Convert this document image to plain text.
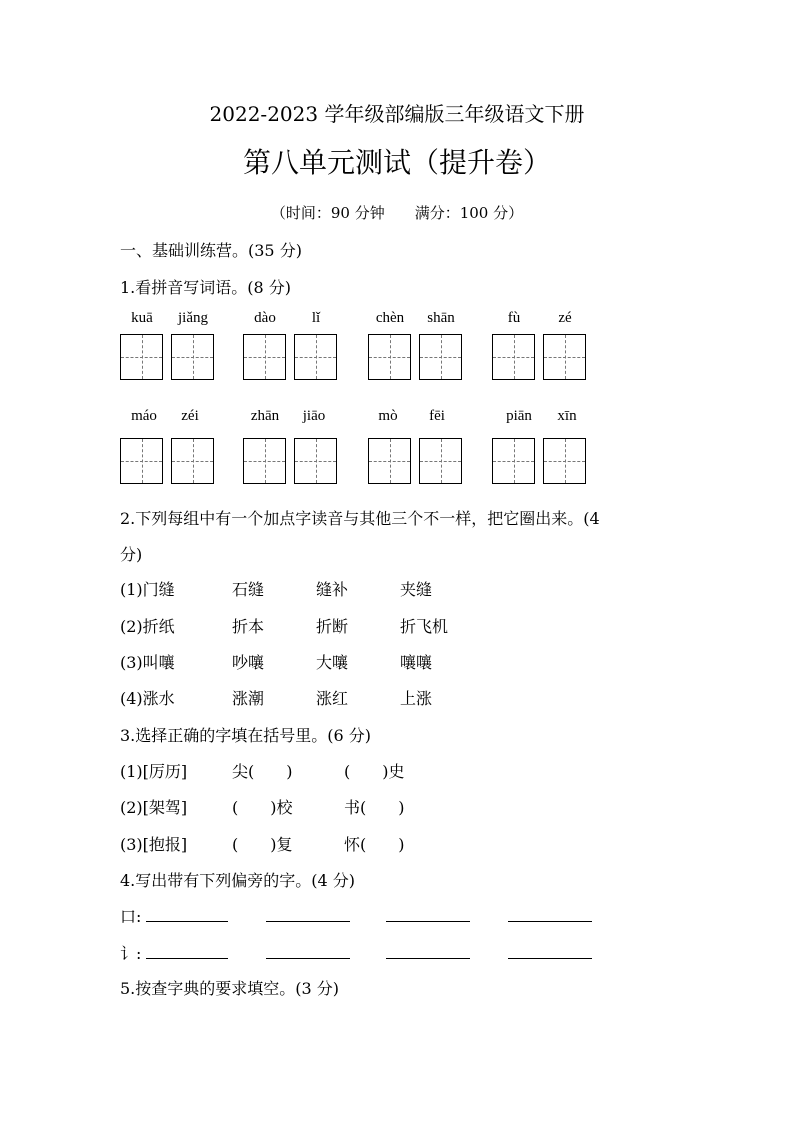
2022-2023 学年级部编版三年级语文下册
第八单元测试（提升卷）
（时间：90 分钟　　满分：100 分）
一、基础训练营。(35 分)
1.看拼音写词语。(8 分)
kuā	jiǎng	dào	lǐ	chèn	shān	fù	zé
máo	zéi	zhān	jiāo	mò	fēi	piān	xīn
2.下列每组中有一个加点字读音与其他三个不一样，把它圈出来。(4
分)
(1)门缝	石缝	缝补	夹缝
(2)折纸	折本	折断	折飞机
(3)叫嚷	吵嚷	大嚷	嚷嚷
(4)涨水	涨潮	涨红	上涨
3.选择正确的字填在括号里。(6 分)
(1)[厉历]	尖(　　)	(　　)史
(2)[架驾]	(　　)校	书(　　)
(3)[抱报]	(　　)复	怀(　　)
4.写出带有下列偏旁的字。(4 分)
口:
讠:
5.按查字典的要求填空。(3 分)
